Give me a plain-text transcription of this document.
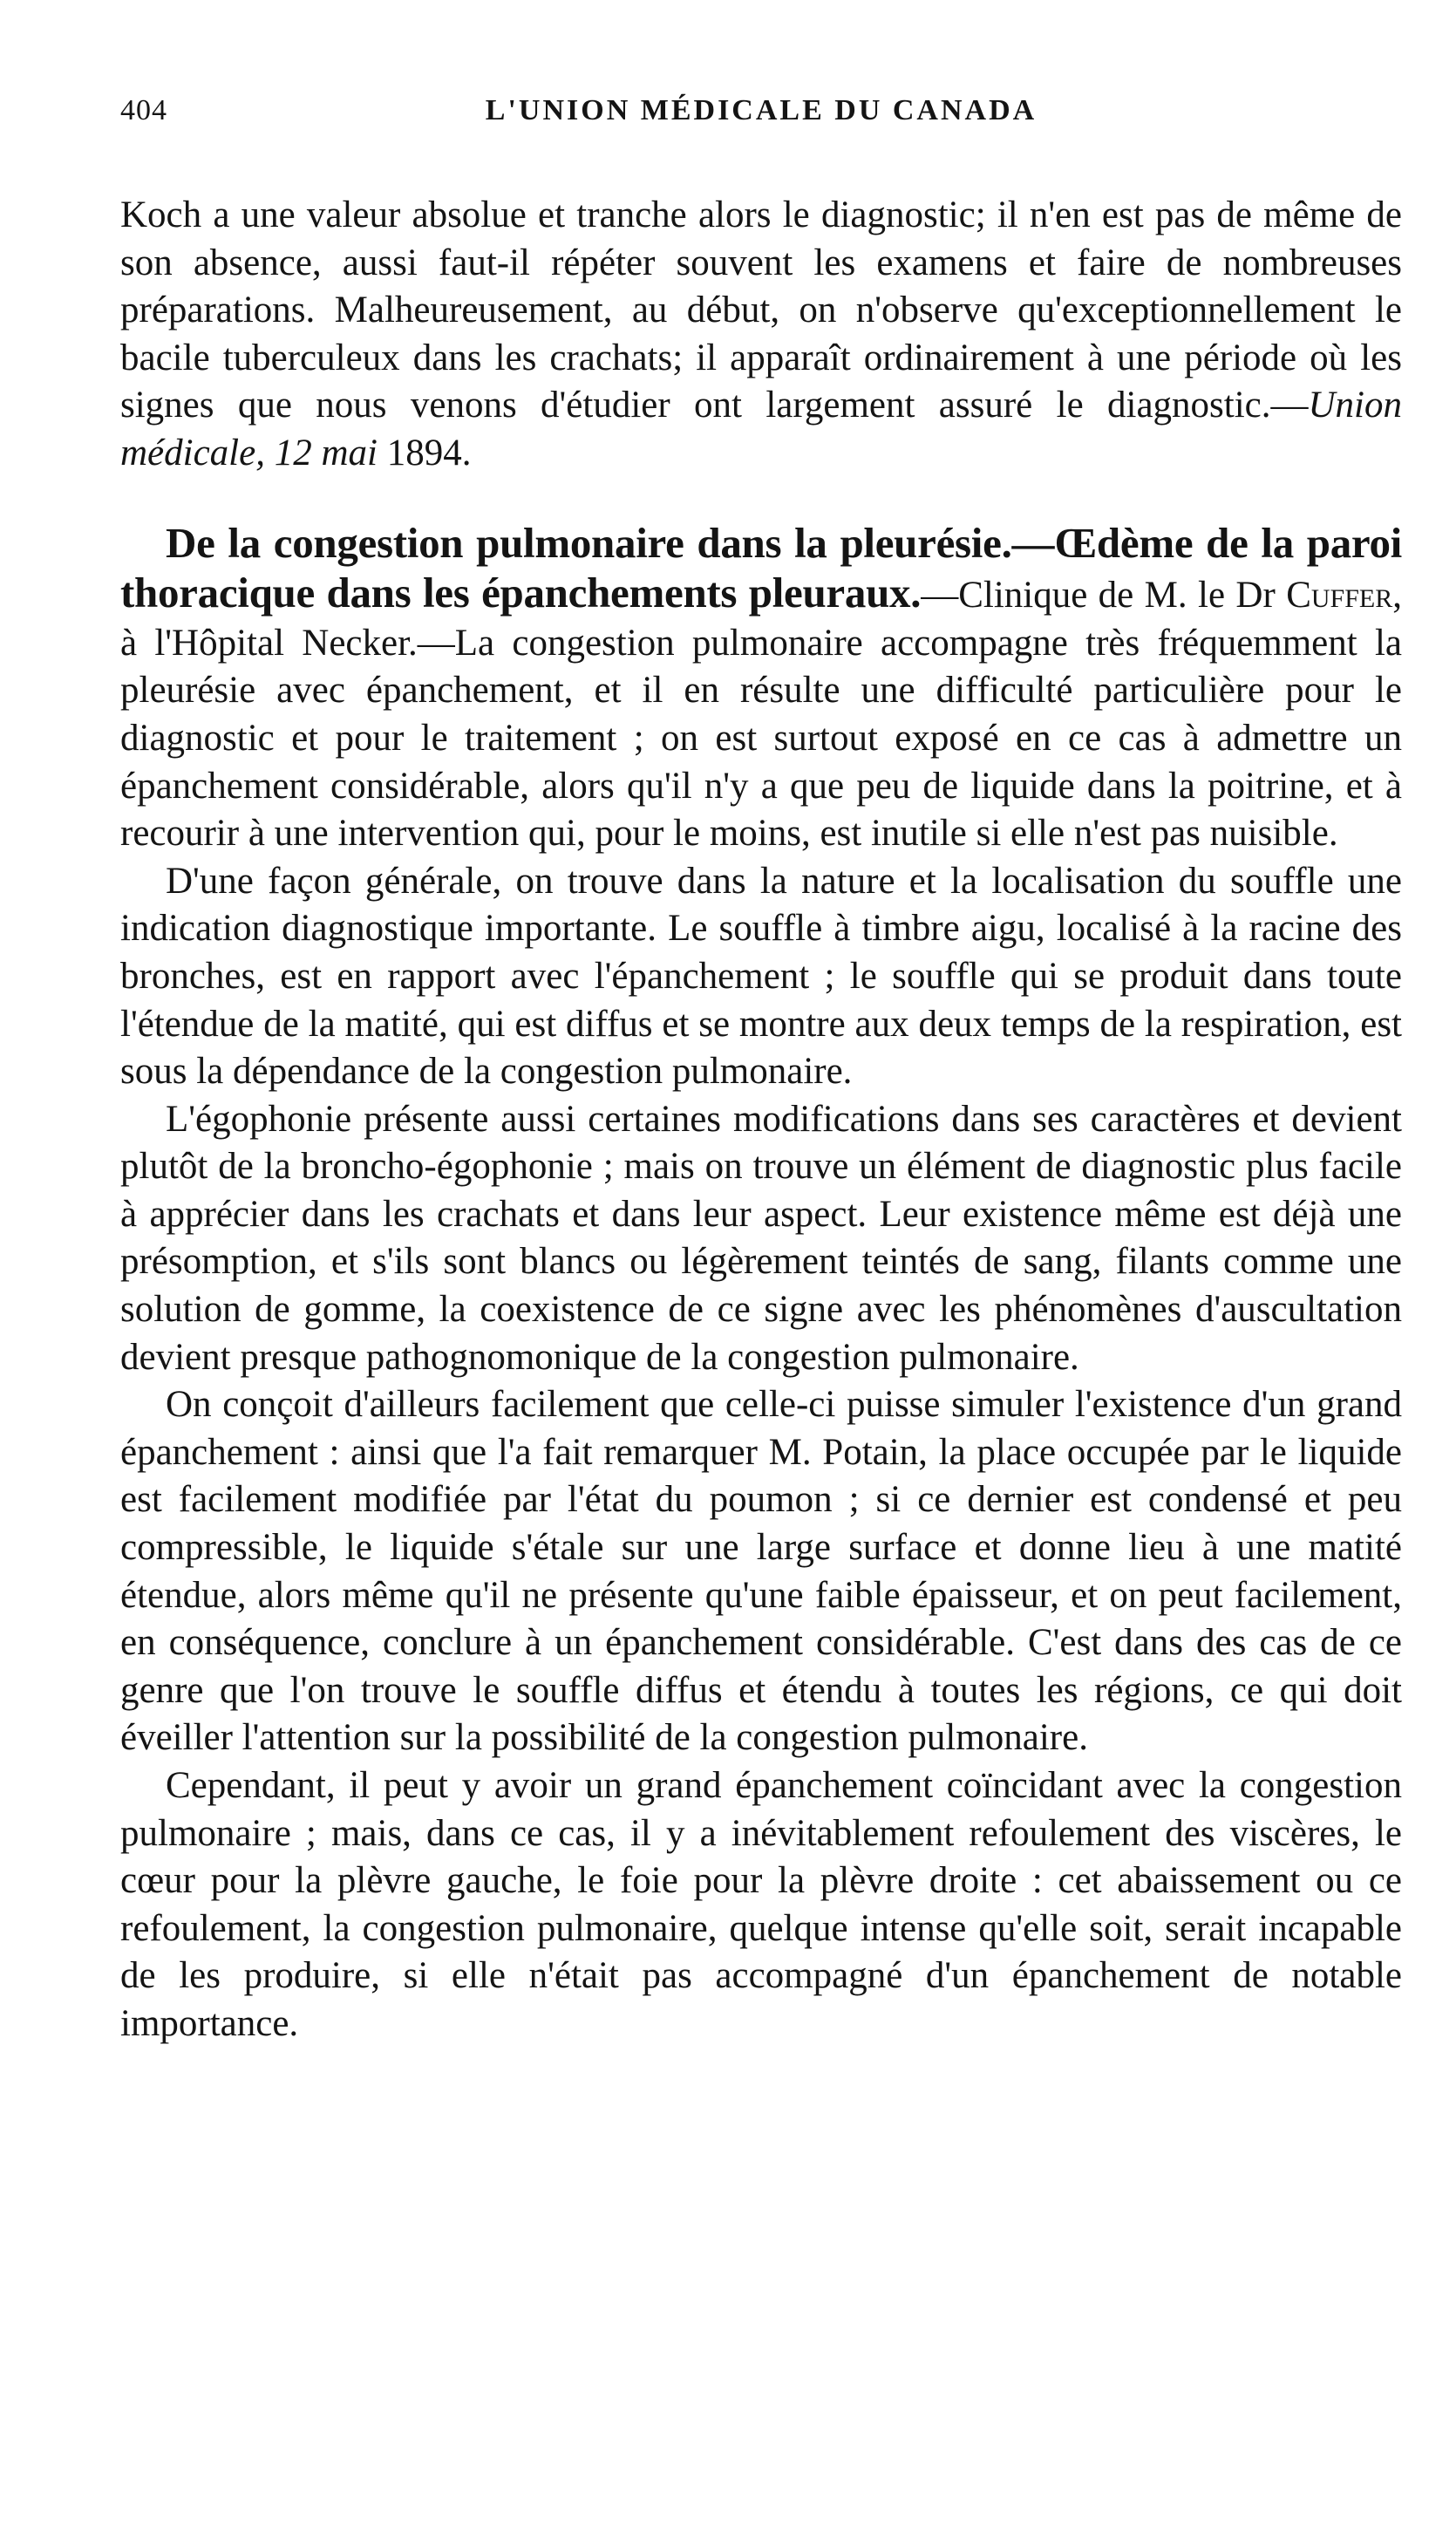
404	L'UNION MÉDICALE DU CANADA

Koch a une valeur absolue et tranche alors le diagnostic; il n'en est pas de même de son absence, aussi faut-il répéter souvent les examens et faire de nombreuses préparations. Malheureusement, au début, on n'observe qu'exceptionnellement le bacile tuberculeux dans les crachats; il apparaît ordinairement à une période où les signes que nous venons d'étudier ont largement assuré le diagnostic.—Union médicale, 12 mai 1894.

De la congestion pulmonaire dans la pleurésie.—Œdème de la paroi thoracique dans les épanchements pleuraux.—Clinique de M. le Dr Cuffer, à l'Hôpital Necker.—La congestion pulmonaire accompagne très fréquemment la pleurésie avec épanchement, et il en résulte une difficulté particulière pour le diagnostic et pour le traitement ; on est surtout exposé en ce cas à admettre un épanchement considérable, alors qu'il n'y a que peu de liquide dans la poitrine, et à recourir à une intervention qui, pour le moins, est inutile si elle n'est pas nuisible.

D'une façon générale, on trouve dans la nature et la localisation du souffle une indication diagnostique importante. Le souffle à timbre aigu, localisé à la racine des bronches, est en rapport avec l'épanchement ; le souffle qui se produit dans toute l'étendue de la matité, qui est diffus et se montre aux deux temps de la respiration, est sous la dépendance de la congestion pulmonaire.

L'égophonie présente aussi certaines modifications dans ses caractères et devient plutôt de la broncho-égophonie ; mais on trouve un élément de diagnostic plus facile à apprécier dans les crachats et dans leur aspect. Leur existence même est déjà une présomption, et s'ils sont blancs ou légèrement teintés de sang, filants comme une solution de gomme, la coexistence de ce signe avec les phénomènes d'auscultation devient presque pathognomonique de la congestion pulmonaire.

On conçoit d'ailleurs facilement que celle-ci puisse simuler l'existence d'un grand épanchement : ainsi que l'a fait remarquer M. Potain, la place occupée par le liquide est facilement modifiée par l'état du poumon ; si ce dernier est condensé et peu compressible, le liquide s'étale sur une large surface et donne lieu à une matité étendue, alors même qu'il ne présente qu'une faible épaisseur, et on peut facilement, en conséquence, conclure à un épanchement considérable. C'est dans des cas de ce genre que l'on trouve le souffle diffus et étendu à toutes les régions, ce qui doit éveiller l'attention sur la possibilité de la congestion pulmonaire.

Cependant, il peut y avoir un grand épanchement coïncidant avec la congestion pulmonaire ; mais, dans ce cas, il y a inévitablement refoulement des viscères, le cœur pour la plèvre gauche, le foie pour la plèvre droite : cet abaissement ou ce refoulement, la congestion pulmonaire, quelque intense qu'elle soit, serait incapable de les produire, si elle n'était pas accompagné d'un épanchement de notable importance.
